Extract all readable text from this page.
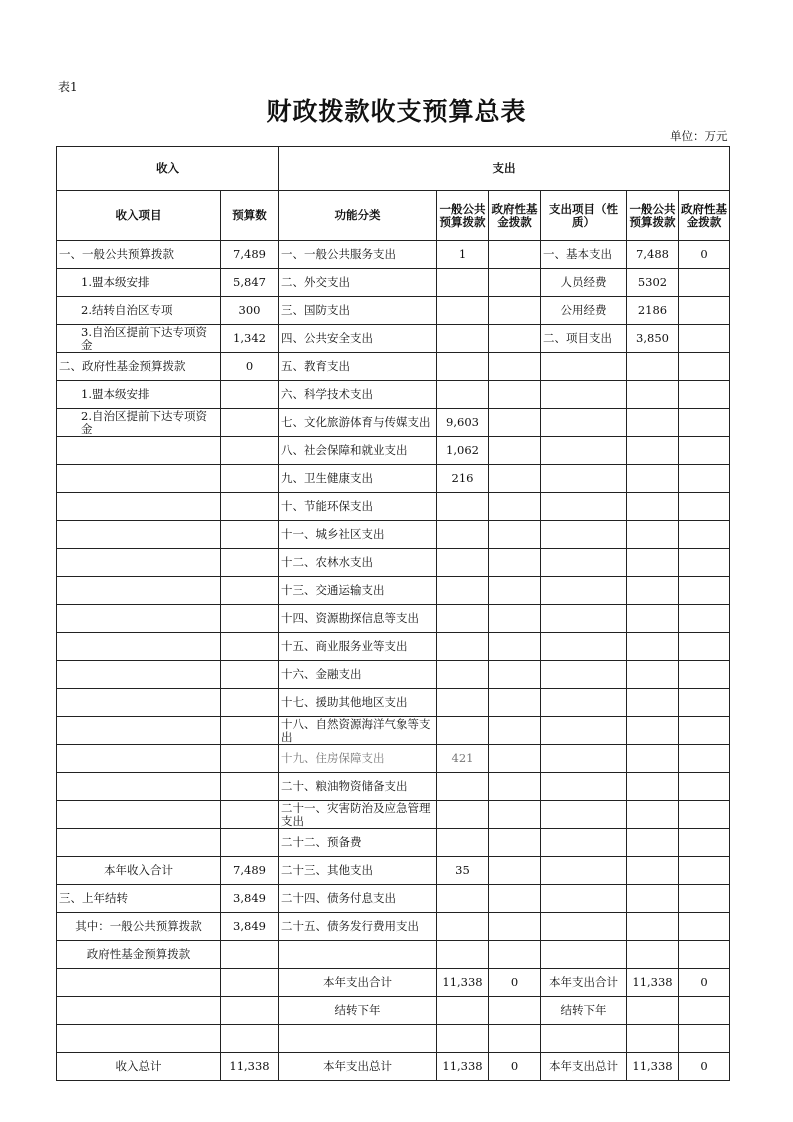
表1
财政拨款收支预算总表
单位：万元
收入		支出					
收入项目	预算数	功能分类	一般公共预算拨款	政府性基金拨款	支出项目（性质）	一般公共预算拨款	政府性基金拨款
一、一般公共预算拨款	7,489	一、一般公共服务支出	1		一、基本支出	7,488	0
1.盟本级安排	5,847	二、外交支出			人员经费	5302	
2.结转自治区专项	300	三、国防支出			公用经费	2186	
3.自治区提前下达专项资金	1,342	四、公共安全支出			二、项目支出	3,850	
二、政府性基金预算拨款	0	五、教育支出					
1.盟本级安排		六、科学技术支出					
2.自治区提前下达专项资金		七、文化旅游体育与传媒支出	9,603				
		八、社会保障和就业支出	1,062				
		九、卫生健康支出	216				
		十、节能环保支出					
		十一、城乡社区支出					
		十二、农林水支出					
		十三、交通运输支出					
		十四、资源勘探信息等支出					
		十五、商业服务业等支出					
		十六、金融支出					
		十七、援助其他地区支出					
		十八、自然资源海洋气象等支出					
		十九、住房保障支出	421				
		二十、粮油物资储备支出					
		二十一、灾害防治及应急管理支出					
		二十二、预备费					
本年收入合计	7,489	二十三、其他支出	35				
三、上年结转	3,849	二十四、债务付息支出					
其中：一般公共预算拨款	3,849	二十五、债务发行费用支出					
政府性基金预算拨款							
		本年支出合计	11,338	0	本年支出合计	11,338	0
		结转下年			结转下年		

收入总计	11,338	本年支出总计	11,338	0	本年支出总计	11,338	0
